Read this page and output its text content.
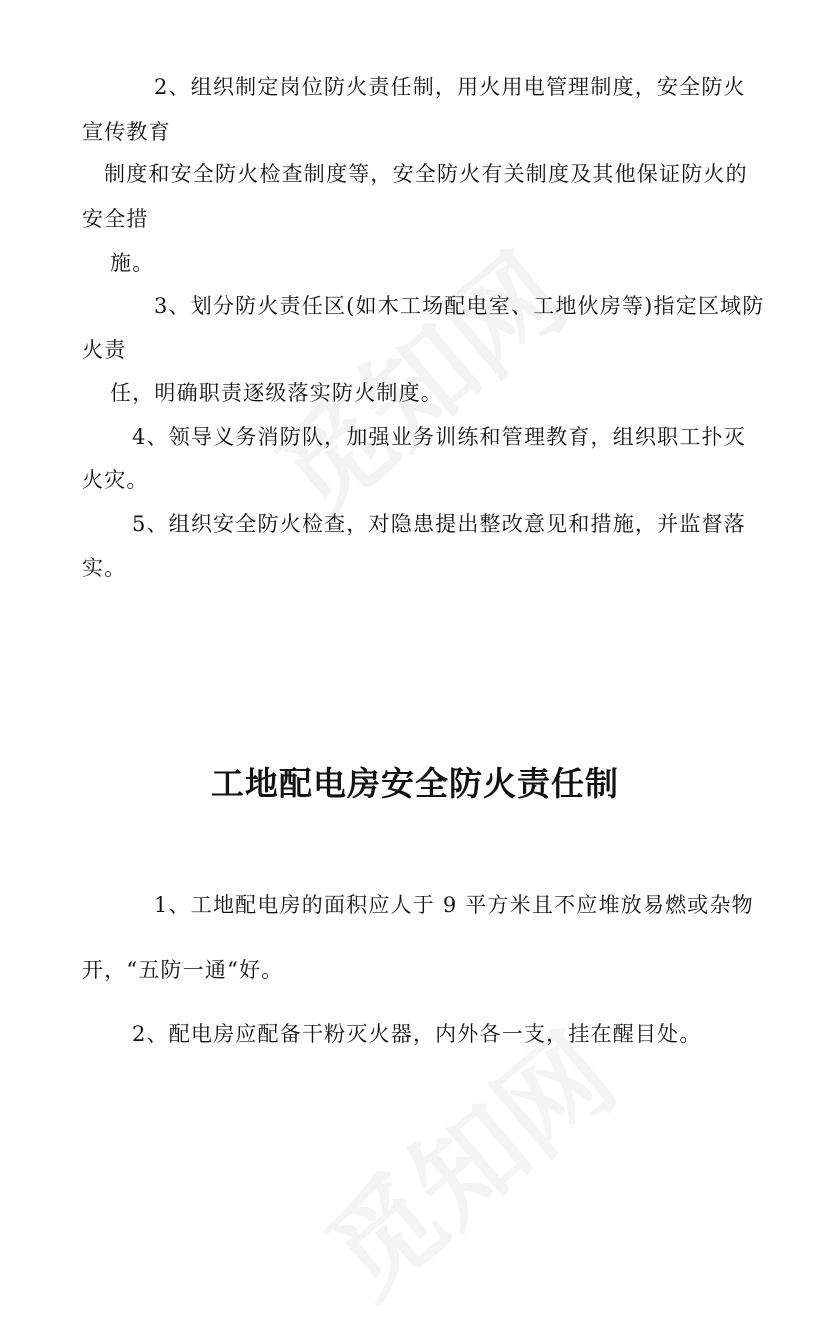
2、组织制定岗位防火责任制，用火用电管理制度，安全防火
宣传教育
制度和安全防火检查制度等，安全防火有关制度及其他保证防火的
安全措
施。
3、划分防火责任区(如木工场配电室、工地伙房等)指定区域防
火责
任，明确职责逐级落实防火制度。
4、领导义务消防队，加强业务训练和管理教育，组织职工扑灭
火灾。
5、组织安全防火检查，对隐患提出整改意见和措施，并监督落
实。
工地配电房安全防火责任制
1、工地配电房的面积应人于 9 平方米且不应堆放易燃或杂物
开，“五防一通“好。
2、配电房应配备干粉灭火器，内外各一支，挂在醒目处。
